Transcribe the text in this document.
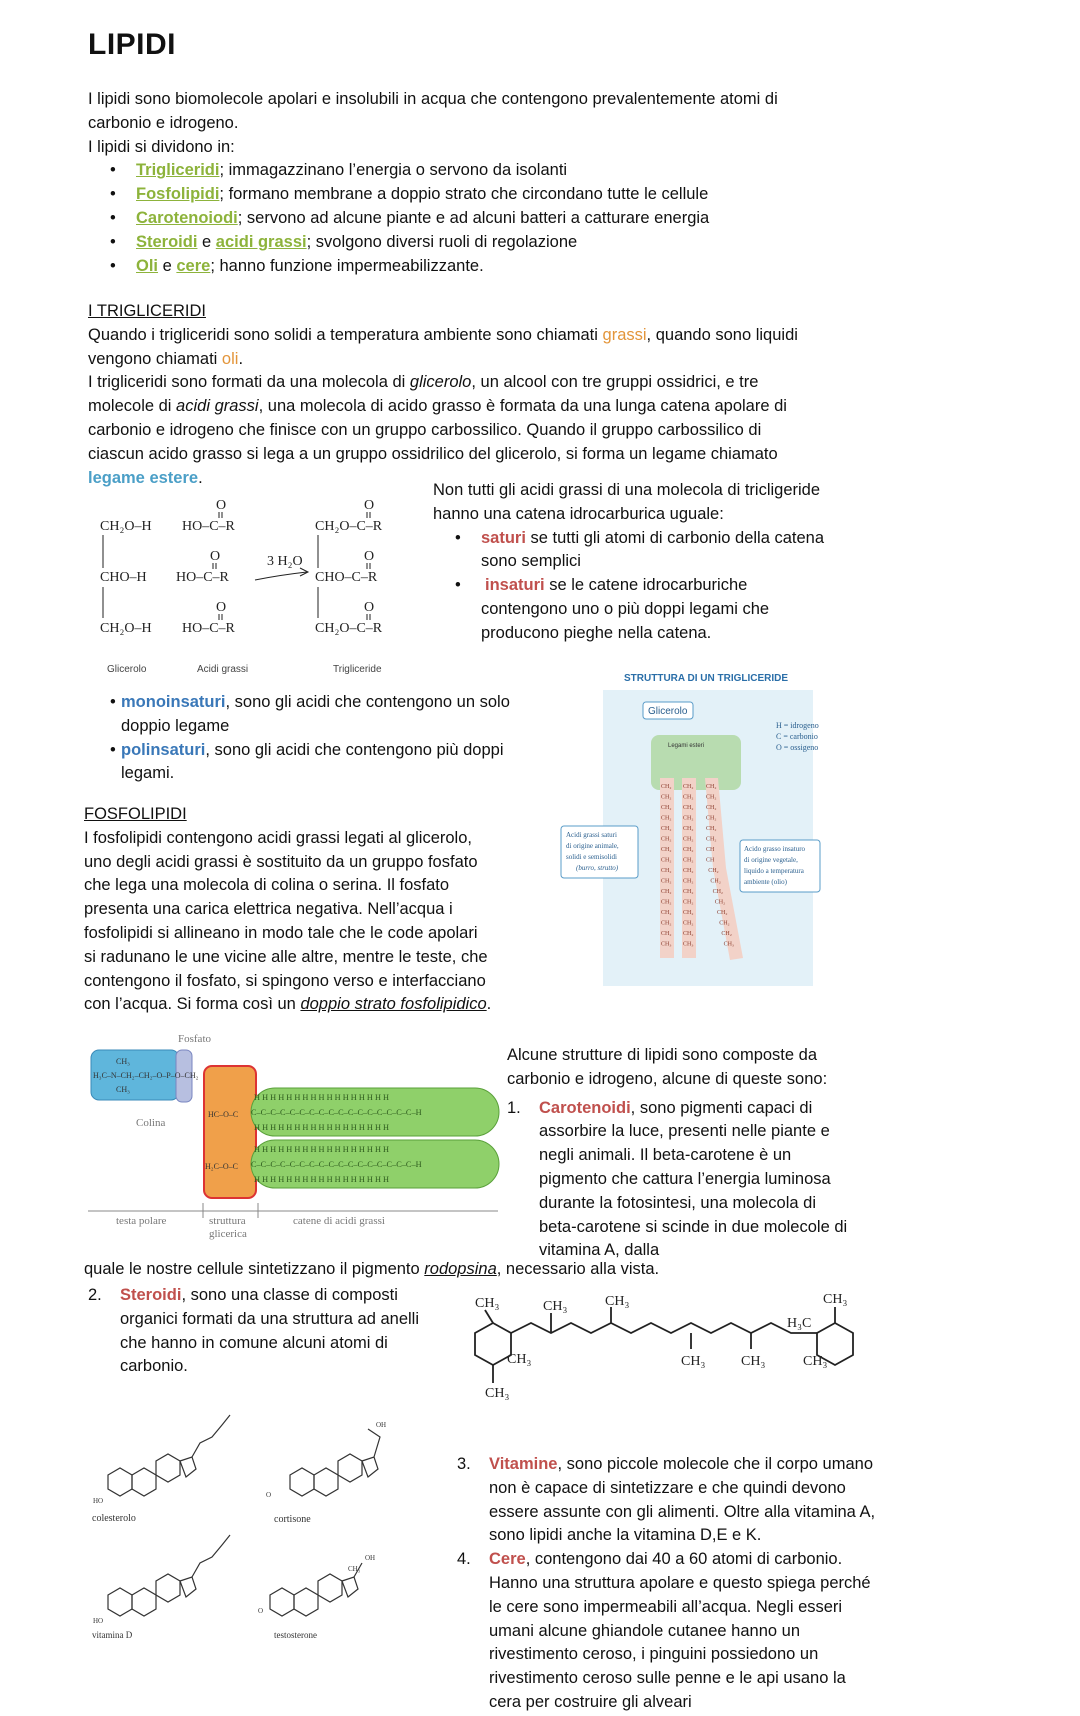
LIPIDI
I lipidi sono biomolecole apolari e insolubili in acqua che contengono prevalentemente atomi di
carbonio e idrogeno.
I lipidi si dividono in:
• Trigliceridi; immagazzinano l’energia o servono da isolanti
• Fosfolipidi; formano membrane a doppio strato che circondano tutte le cellule
• Carotenoiodi; servono ad alcune piante e ad alcuni batteri a catturare energia
• Steroidi e acidi grassi; svolgono diversi ruoli di regolazione
• Oli e cere; hanno funzione impermeabilizzante.
I TRIGLICERIDI
Quando i trigliceridi sono solidi a temperatura ambiente sono chiamati grassi, quando sono liquidi
vengono chiamati oli.
I trigliceridi sono formati da una molecola di glicerolo, un alcool con tre gruppi ossidrici, e tre
molecole di acidi grassi, una molecola di acido grasso è formata da una lunga catena apolare di
carbonio e idrogeno che finisce con un gruppo carbossilico. Quando il gruppo carbossilico di
ciascun acido grasso si lega a un gruppo ossidrilico del glicerolo, si forma un legame chiamato
legame estere.
Non tutti gli acidi grassi di una molecola di tricligeride
hanno una catena idrocarburica uguale:
• saturi se tutti gli atomi di carbonio della catena
sono semplici
• insaturi se le catene idrocarburiche
contengono uno o più doppi legami che
producono pieghe nella catena.
CH₂O–H HO–C–R	CH₂O–C–R
CHO–H HO–C–R	CHO–C–R
CH₂O–H HO–C–R	CH₂O–C–R
O
O
O
O
O
O
3 H₂O
Glicerolo	Acidi grassi	Trigliceride
• monoinsaturi, sono gli acidi che contengono un solo
doppio legame
• polinsaturi, sono gli acidi che contengono più doppi
legami.
STRUTTURA DI UN TRIGLICERIDE
Glicerolo
H = idrogeno
C = carbonio
O = ossigeno
Legami esteri
CH₂
CH₂
CH₂
CH₂
CH₂
CH₂
CH₂
CH₂
CH₂
CH₂
CH₂
CH₂
CH₂
CH₂
CH₂
CH₃
CH₂
CH₂
CH₂
CH₂
CH₂
CH₂
CH₂
CH₂
CH₂
CH₂
CH₂
CH₂
CH₂
CH₂
CH₂
CH₃
CH₂
CH₂
CH₂
CH₂
CH₂
CH₂
CH
CH
CH₂
CH₂
CH₂
CH₂
CH₂
CH₂
CH₂
CH₃
Acidi grassi saturi
di origine animale,
solidi e semisolidi
(burro, strutto)
Acido grasso insaturo
di origine vegetale,
liquido a temperatura
ambiente (olio)
FOSFOLIPIDI
I fosfolipidi contengono acidi grassi legati al glicerolo,
uno degli acidi grassi è sostituito da un gruppo fosfato
che lega una molecola di colina o serina. Il fosfato
presenta una carica elettrica negativa. Nell’acqua i
fosfolipidi si allineano in modo tale che le code apolari
si radunano le une vicine alle altre, mentre le teste, che
contengono il fosfato, si spingono verso e interfacciano
con l’acqua. Si forma così un doppio strato fosfolipidico.
Fosfato
Colina
testa polare	struttura
glicerica
catene di acidi grassi
CH₃
H₃C–N–CH₂–CH₂–O–P–O–CH₂
CH₃
HC–O–C
H₂C–O–C
H H H H H H H H H H H H H H H H H
C–C–C–C–C–C–C–C–C–C–C–C–C–C–C–C–C–H
H H H H H H H H H H H H H H H H H
H H H H H H H H H H H H H H H H H
C–C–C–C–C–C–C–C–C–C–C–C–C–C–C–C–C–H
H H H H H H H H H H H H H H H H H
Alcune strutture di lipidi sono composte da
carbonio e idrogeno, alcune di queste sono:
1. Carotenoidi, sono pigmenti capaci di
assorbire la luce, presenti nelle piante e
negli animali. Il beta-carotene è un
pigmento che cattura l’energia luminosa
durante la fotosintesi, una molecola di
beta-carotene si scinde in due molecole di
vitamina A, dalla
quale le nostre cellule sintetizzano il pigmento rodopsina, necessario alla vista.
2. Steroidi, sono una classe di composti
organici formati da una struttura ad anelli
che hanno in comune alcuni atomi di
carbonio.
CH₃	CH₃	CH₃
CH₃
CH₃
CH₃	CH₃	CH₃
CH₃
H₃C
HO
O
OH
HO
O
OH
CH₃
colesterolo	cortisone
vitamina D	testosterone
3. Vitamine, sono piccole molecole che il corpo umano
non è capace di sintetizzare e che quindi devono
essere assunte con gli alimenti. Oltre alla vitamina A,
sono lipidi anche la vitamina D,E e K.
4. Cere, contengono dai 40 a 60 atomi di carbonio.
Hanno una struttura apolare e questo spiega perché
le cere sono impermeabili all’acqua. Negli esseri
umani alcune ghiandole cutanee hanno un
rivestimento ceroso, i pinguini possiedono un
rivestimento ceroso sulle penne e le api usano la
cera per costruire gli alveari
